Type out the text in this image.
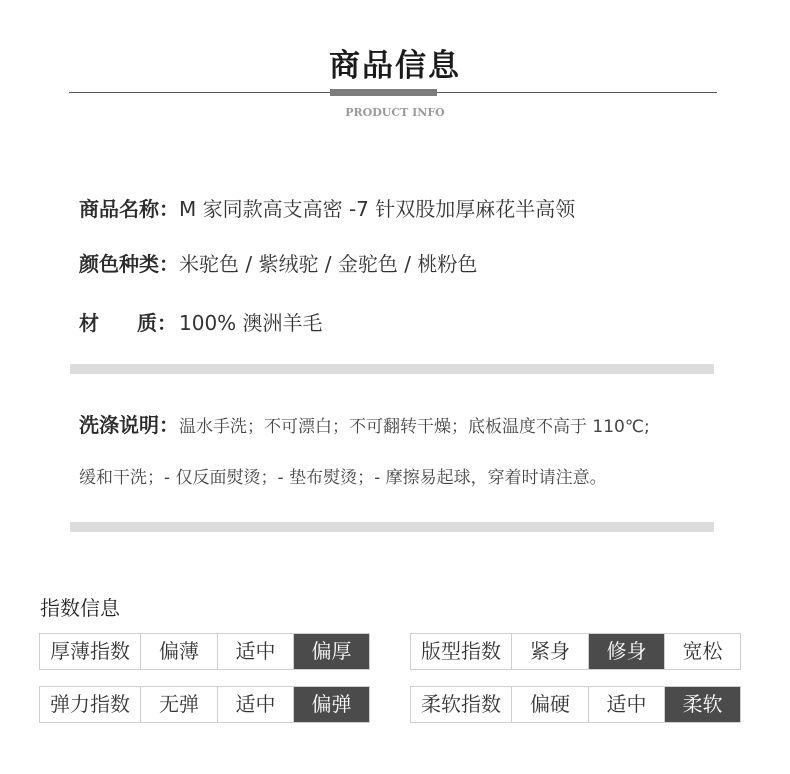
商品信息
PRODUCT INFO
商品名称：M 家同款高支高密 -7 针双股加厚麻花半高领
颜色种类：米驼色 / 紫绒驼 / 金驼色 / 桃粉色
材 质： 100% 澳洲羊毛
洗涤说明：温水手洗；不可漂白；不可翻转干燥；底板温度不高于 110℃;
缓和干洗；- 仅反面熨烫；- 垫布熨烫；- 摩擦易起球，穿着时请注意。
指数信息
厚薄指数	偏薄	适中	偏厚	版型指数	紧身	修身	宽松
弹力指数	无弹	适中	偏弹	柔软指数	偏硬	适中	柔软
